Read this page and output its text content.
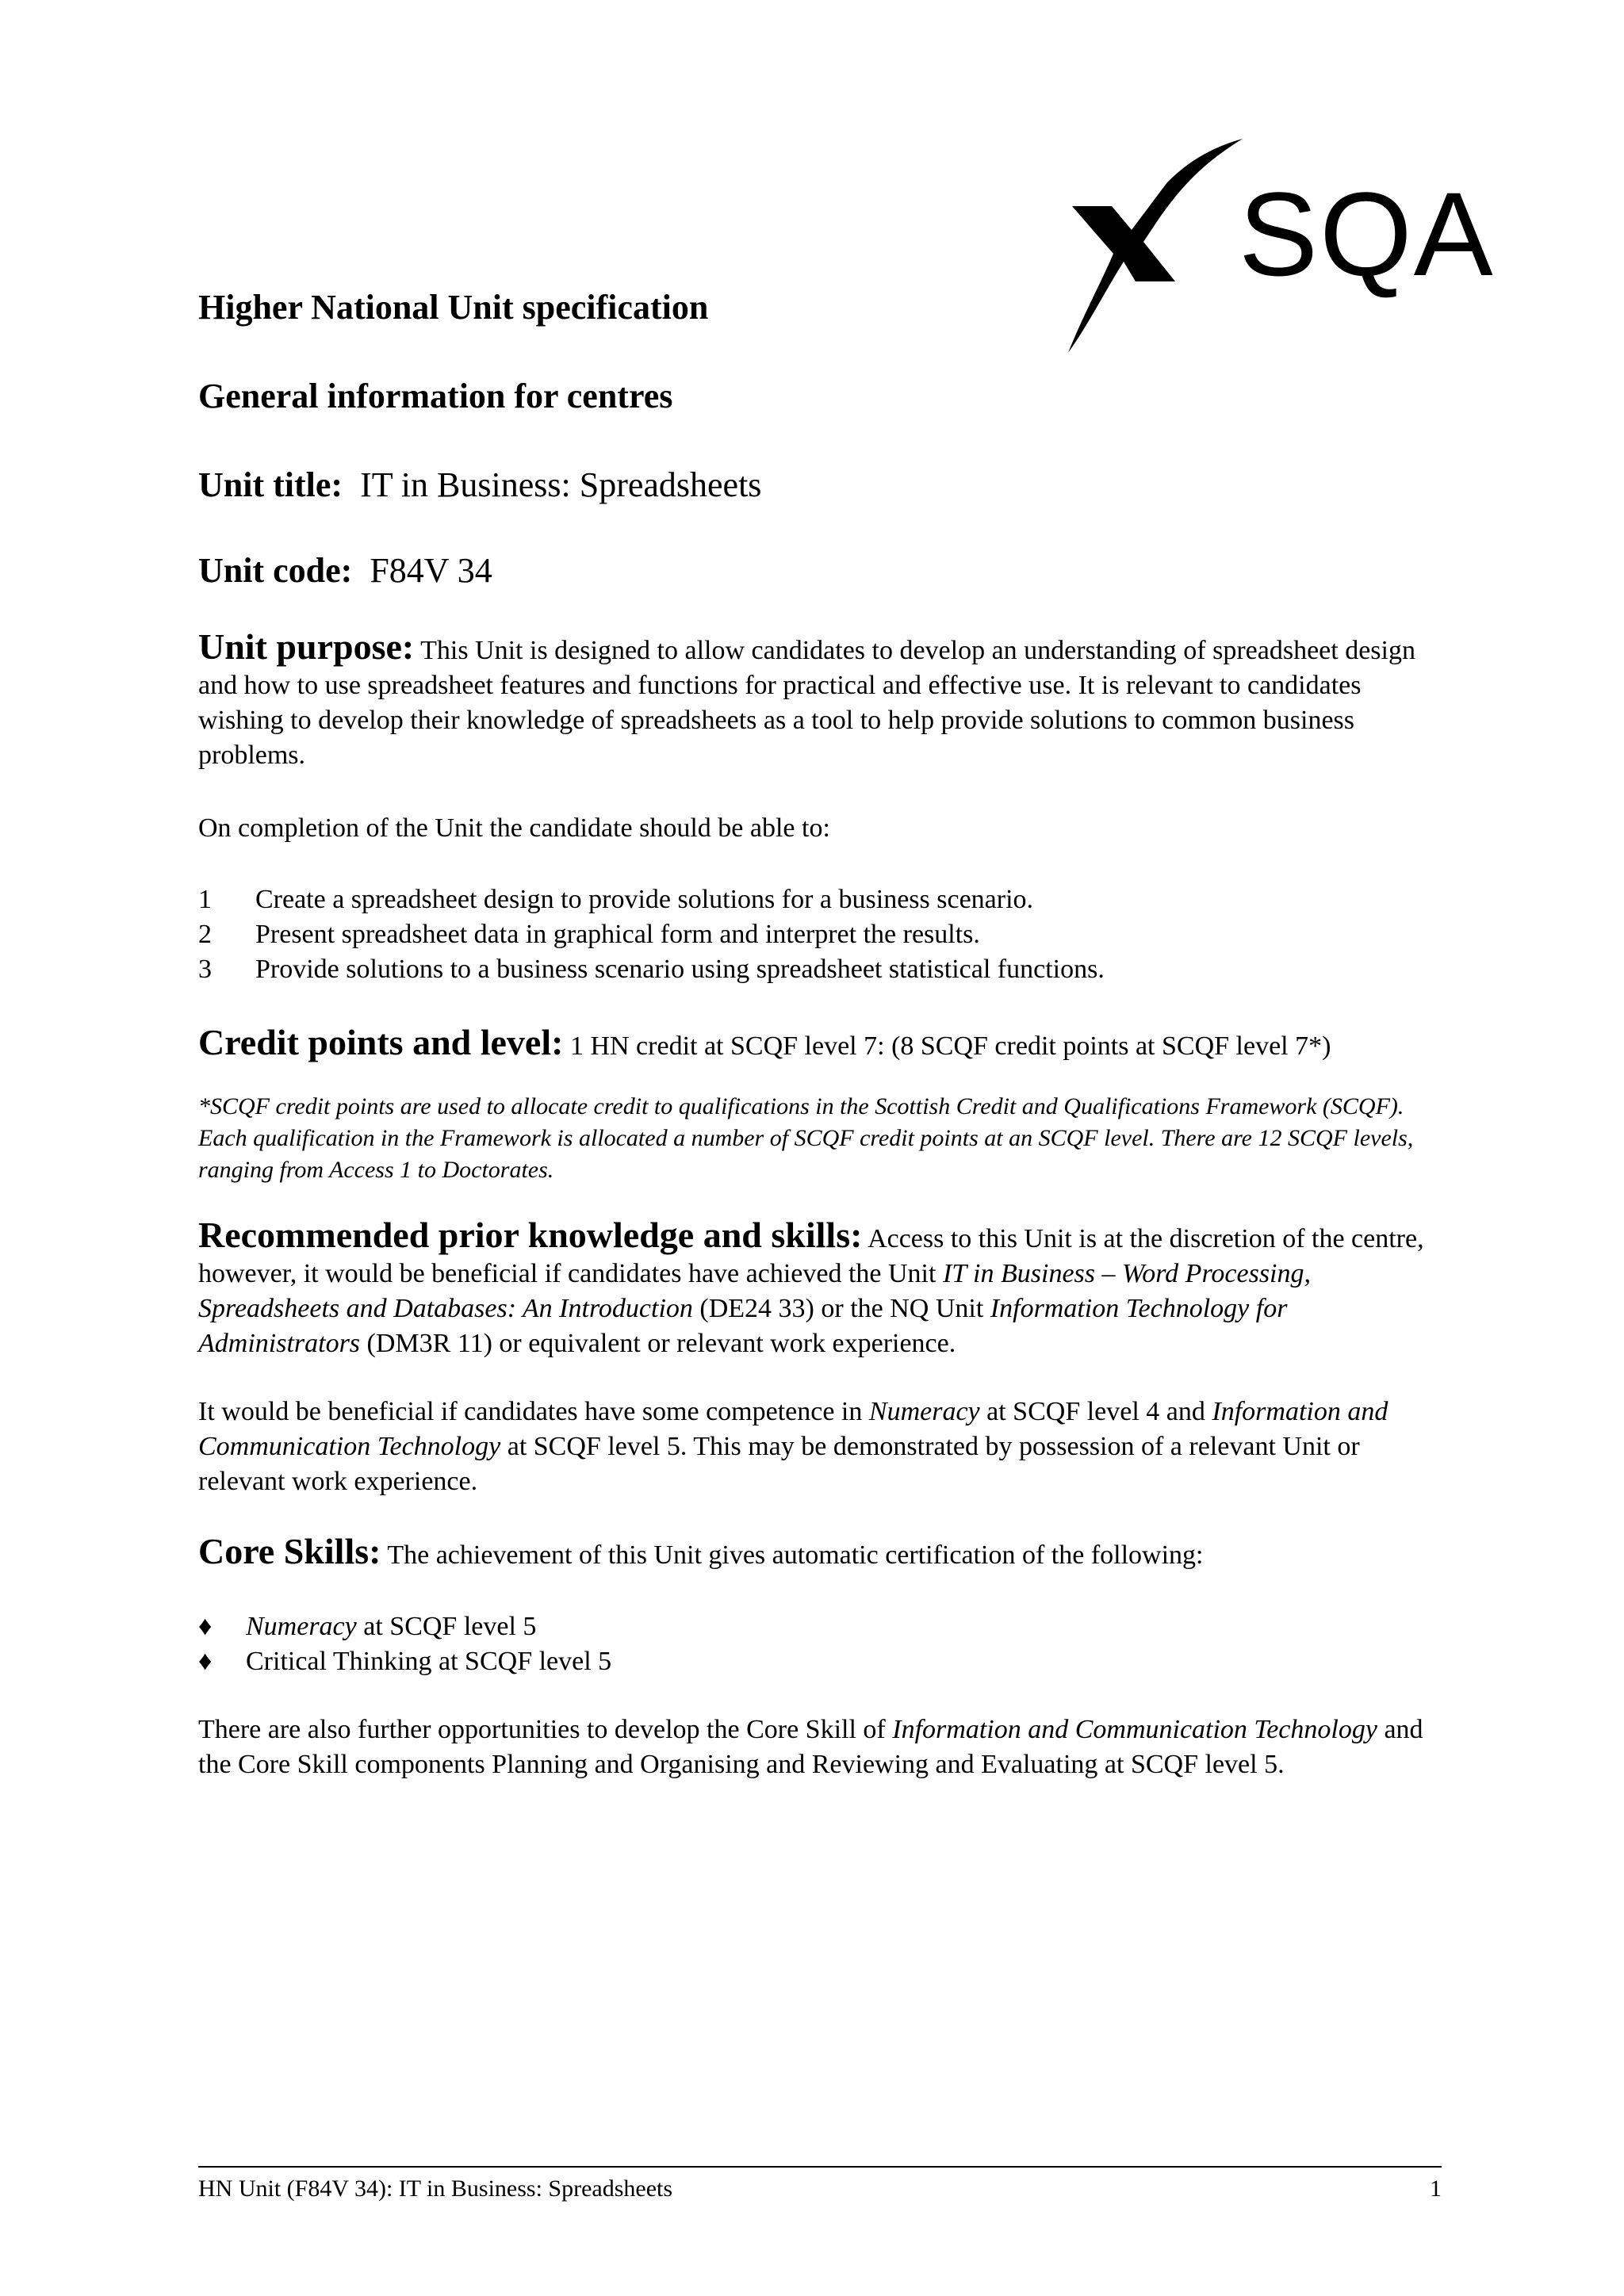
SQA
Higher National Unit specification
General information for centres
Unit title: IT in Business: Spreadsheets
Unit code: F84V 34

Unit purpose: This Unit is designed to allow candidates to develop an understanding of spreadsheet design and how to use spreadsheet features and functions for practical and effective use. It is relevant to candidates wishing to develop their knowledge of spreadsheets as a tool to help provide solutions to common business problems.

On completion of the Unit the candidate should be able to:

1	Create a spreadsheet design to provide solutions for a business scenario.
2	Present spreadsheet data in graphical form and interpret the results.
3	Provide solutions to a business scenario using spreadsheet statistical functions.

Credit points and level: 1 HN credit at SCQF level 7: (8 SCQF credit points at SCQF level 7*)

*SCQF credit points are used to allocate credit to qualifications in the Scottish Credit and Qualifications Framework (SCQF). Each qualification in the Framework is allocated a number of SCQF credit points at an SCQF level. There are 12 SCQF levels, ranging from Access 1 to Doctorates.

Recommended prior knowledge and skills: Access to this Unit is at the discretion of the centre, however, it would be beneficial if candidates have achieved the Unit IT in Business – Word Processing, Spreadsheets and Databases: An Introduction (DE24 33) or the NQ Unit Information Technology for Administrators (DM3R 11) or equivalent or relevant work experience.

It would be beneficial if candidates have some competence in Numeracy at SCQF level 4 and Information and Communication Technology at SCQF level 5. This may be demonstrated by possession of a relevant Unit or relevant work experience.

Core Skills: The achievement of this Unit gives automatic certification of the following:

♦	Numeracy at SCQF level 5
♦	Critical Thinking at SCQF level 5

There are also further opportunities to develop the Core Skill of Information and Communication Technology and the Core Skill components Planning and Organising and Reviewing and Evaluating at SCQF level 5.

HN Unit (F84V 34): IT in Business: Spreadsheets	1
